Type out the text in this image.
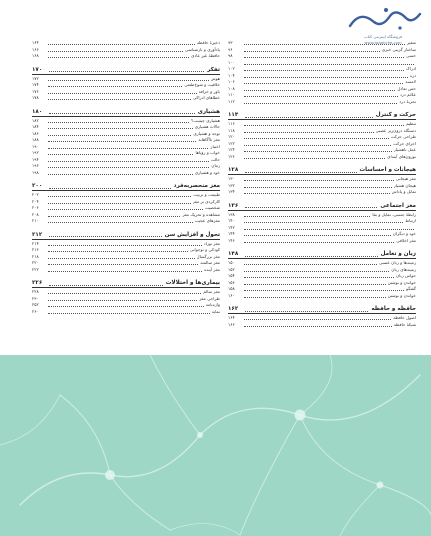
فروشگاه اینترنتی کتاب
www.taaghche.com	متغیر
۹۳
ساختار گزینی خبری
۹۶
حسی
۹۸
۱۰۰
ادراک
۱۰۲
ذره
۱۰۴
لامسه
۱۰۶
حس تعادل
۱۰۸
علائم درد
۱۱۰
تجربهٔ درد
۱۱۲
حرکت و کنترل
۱۱۴
تنظیم
۱۱۶
دستگاه درون‌ریز عصبی
۱۱۸
طراحی حرکت
۱۲۰
اجرای حرکت
۱۲۲
عمل ناهشیار
۱۲۴
نورون‌های آینه‌ای
۱۲۶
هیجانات و احساسات
۱۲۸
مغز هیجانی
۱۳۰
هیجان هشیار
۱۳۲
تمایل و پاداش
۱۳۴
مغز اجتماعی
۱۳۶
رابطهٔ جنسی، تمایل و بقا
۱۳۸
ارتباط
۱۴۰
۱۴۲
خود و دیگران
۱۴۴
مغز اخلاقی
۱۴۶
زبان و تعامل
۱۴۸
زمینه‌ها و زبان عصبی
۱۵۰
زمینه‌های زبان
۱۵۲
حواس زبان
۱۵۴
خواندن و نوشتن
۱۵۶
گفتگو
۱۵۸
خواندن و نوشتن
۱۶۰
حافظه و حافظه
۱۶۲
اصول حافظه
۱۶۴
شبکهٔ حافظه
۱۶۶
ذخیرهٔ حافظه
۱۶۴
یادآوری و بازشناسی
۱۶۶
حافظهٔ غیر عادی
۱۶۸
تفکر
۱۷۰
هوش
۱۷۲
خلاقیت و شوخ‌طبعی
۱۷۴
باور و خرافه
۱۷۶
خطاهای ادراکی
۱۷۸
هشیاری
۱۸۰
هشیاری چیست؟
۱۸۲
حالات هشیاری
۱۸۴
توجه و هشیاری
۱۸۶
مغز ناآگاهانه
۱۸۸
اختیار
۱۹۰
خواب و رؤیاها
۱۹۲
حالت
۱۹۴
زمان
۱۹۶
خود و هشیاری
۱۹۸
مغز منحصربه‌فرد
۲۰۰
طبیعت و تربیت
۲۰۲
کارکردی بر مغز
۲۰۴
شخصیت
۲۰۶
مشاهده و تحریک مغز
۲۰۸
مغزهای عجیب
۲۱۰
تحول و افزایش سن
۲۱۲
مغز نوزاد
۲۱۴
کودکی و نوجوانی
۲۱۶
مغز بزرگسال
۲۱۸
مغز سالمند
۲۲۰
مغز آینده
۲۲۲
بیماری‌ها و اختلالات
۲۲۶
مغز سالم
۲۲۸
طراحی مغز
۲۳۰
واژه‌نامه
۲۵۲
نمایه
۲۶۰
